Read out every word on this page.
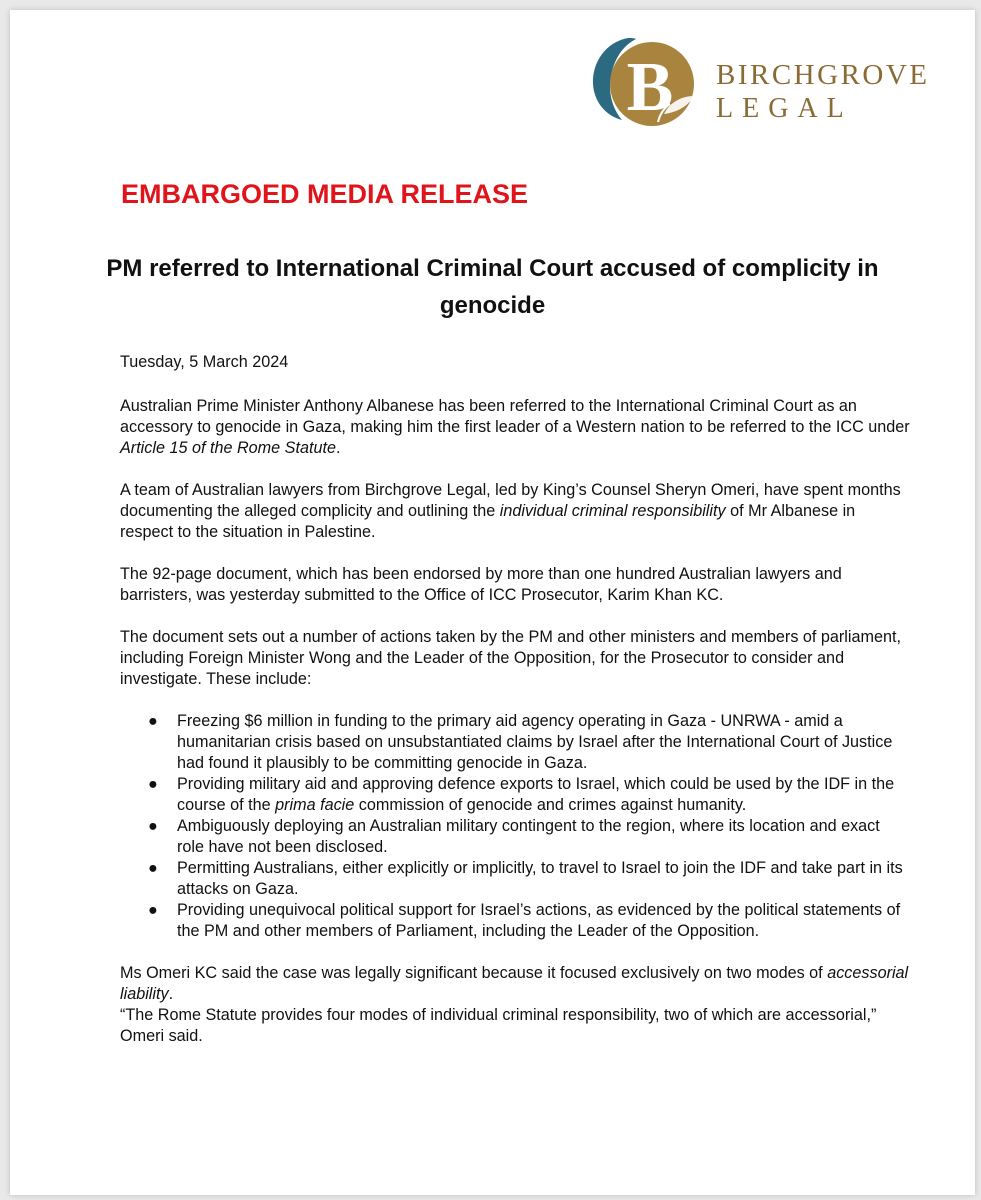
B BIRCHGROVE
LEGAL
EMBARGOED MEDIA RELEASE
PM referred to International Criminal Court accused of complicity in genocide

Tuesday, 5 March 2024

Australian Prime Minister Anthony Albanese has been referred to the International Criminal Court as an accessory to genocide in Gaza, making him the first leader of a Western nation to be referred to the ICC under Article 15 of the Rome Statute.

A team of Australian lawyers from Birchgrove Legal, led by King’s Counsel Sheryn Omeri, have spent months documenting the alleged complicity and outlining the individual criminal responsibility of Mr Albanese in respect to the situation in Palestine.

The 92-page document, which has been endorsed by more than one hundred Australian lawyers and barristers, was yesterday submitted to the Office of ICC Prosecutor, Karim Khan KC.

The document sets out a number of actions taken by the PM and other ministers and members of parliament, including Foreign Minister Wong and the Leader of the Opposition, for the Prosecutor to consider and investigate. These include:

● Freezing $6 million in funding to the primary aid agency operating in Gaza - UNRWA - amid a humanitarian crisis based on unsubstantiated claims by Israel after the International Court of Justice had found it plausibly to be committing genocide in Gaza.
● Providing military aid and approving defence exports to Israel, which could be used by the IDF in the course of the prima facie commission of genocide and crimes against humanity.
● Ambiguously deploying an Australian military contingent to the region, where its location and exact role have not been disclosed.
● Permitting Australians, either explicitly or implicitly, to travel to Israel to join the IDF and take part in its attacks on Gaza.
● Providing unequivocal political support for Israel’s actions, as evidenced by the political statements of the PM and other members of Parliament, including the Leader of the Opposition.

Ms Omeri KC said the case was legally significant because it focused exclusively on two modes of accessorial liability.

“The Rome Statute provides four modes of individual criminal responsibility, two of which are accessorial,” Omeri said.
